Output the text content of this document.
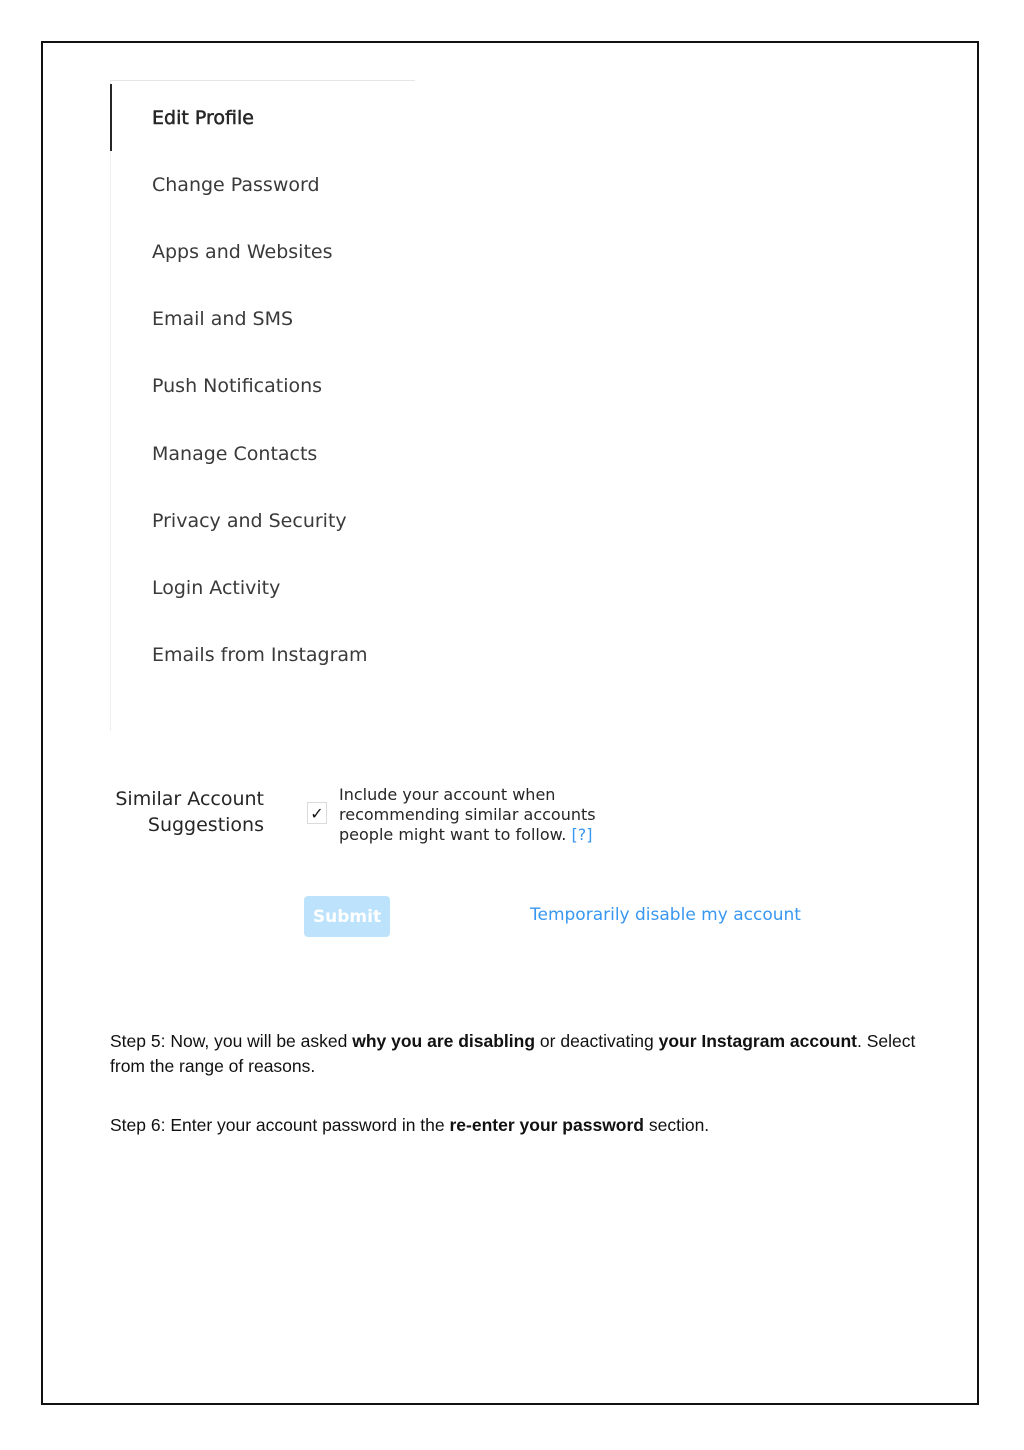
Edit Profile
Change Password
Apps and Websites
Email and SMS
Push Notifications
Manage Contacts
Privacy and Security
Login Activity
Emails from Instagram
Similar Account
Suggestions
✓
Include your account when
recommending similar accounts
people might want to follow. [?]
Submit	Temporarily disable my account

Step 5: Now, you will be asked why you are disabling or deactivating your Instagram account. Select from the range of reasons.

Step 6: Enter your account password in the re-enter your password section.
